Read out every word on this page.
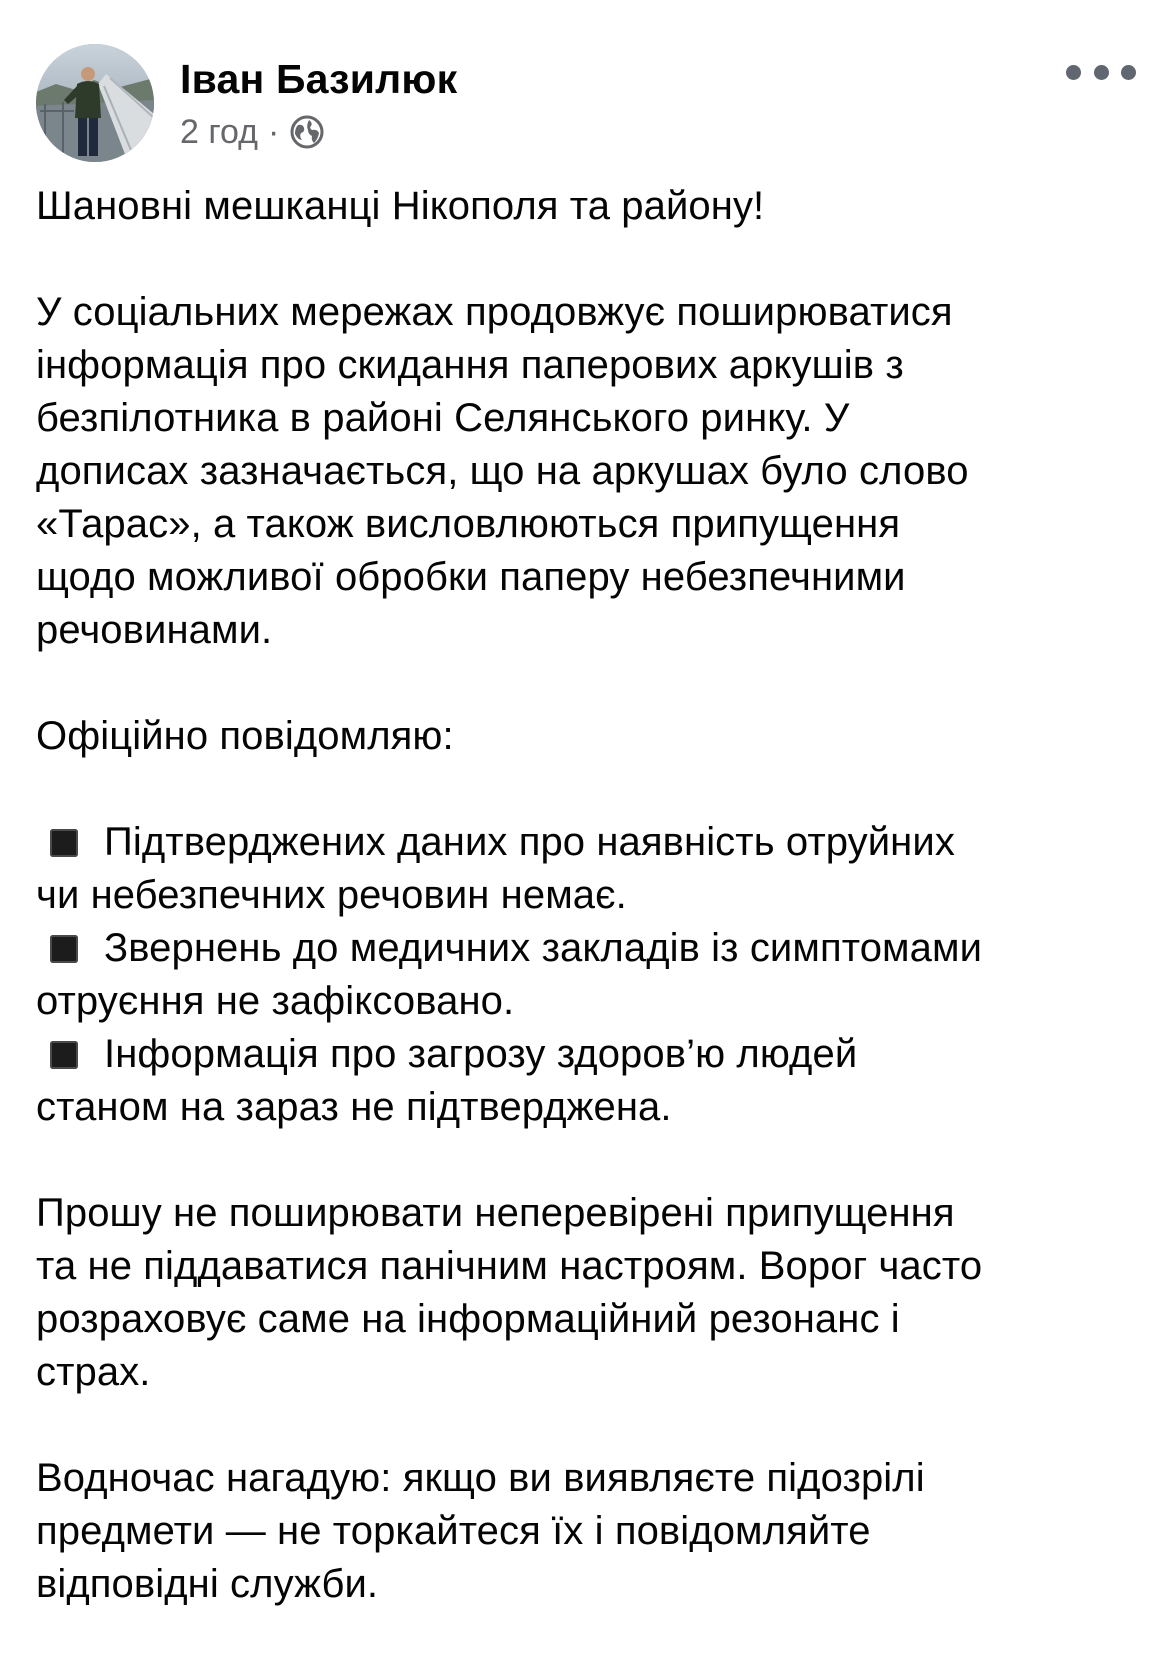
Іван Базилюк
2 год ·

Шановні мешканці Нікополя та району!

У соціальних мережах продовжує поширюватися
інформація про скидання паперових аркушів з
безпілотника в районі Селянського ринку. У
дописах зазначається, що на аркушах було слово
«Тарас», а також висловлюються припущення
щодо можливої обробки паперу небезпечними
речовинами.

Офіційно повідомляю:

Підтверджених даних про наявність отруйних
чи небезпечних речовин немає.
Звернень до медичних закладів із симптомами
отруєння не зафіксовано.
Інформація про загрозу здоров’ю людей
станом на зараз не підтверджена.

Прошу не поширювати неперевірені припущення
та не піддаватися панічним настроям. Ворог часто
розраховує саме на інформаційний резонанс і
страх.

Водночас нагадую: якщо ви виявляєте підозрілі
предмети — не торкайтеся їх і повідомляйте
відповідні служби.
